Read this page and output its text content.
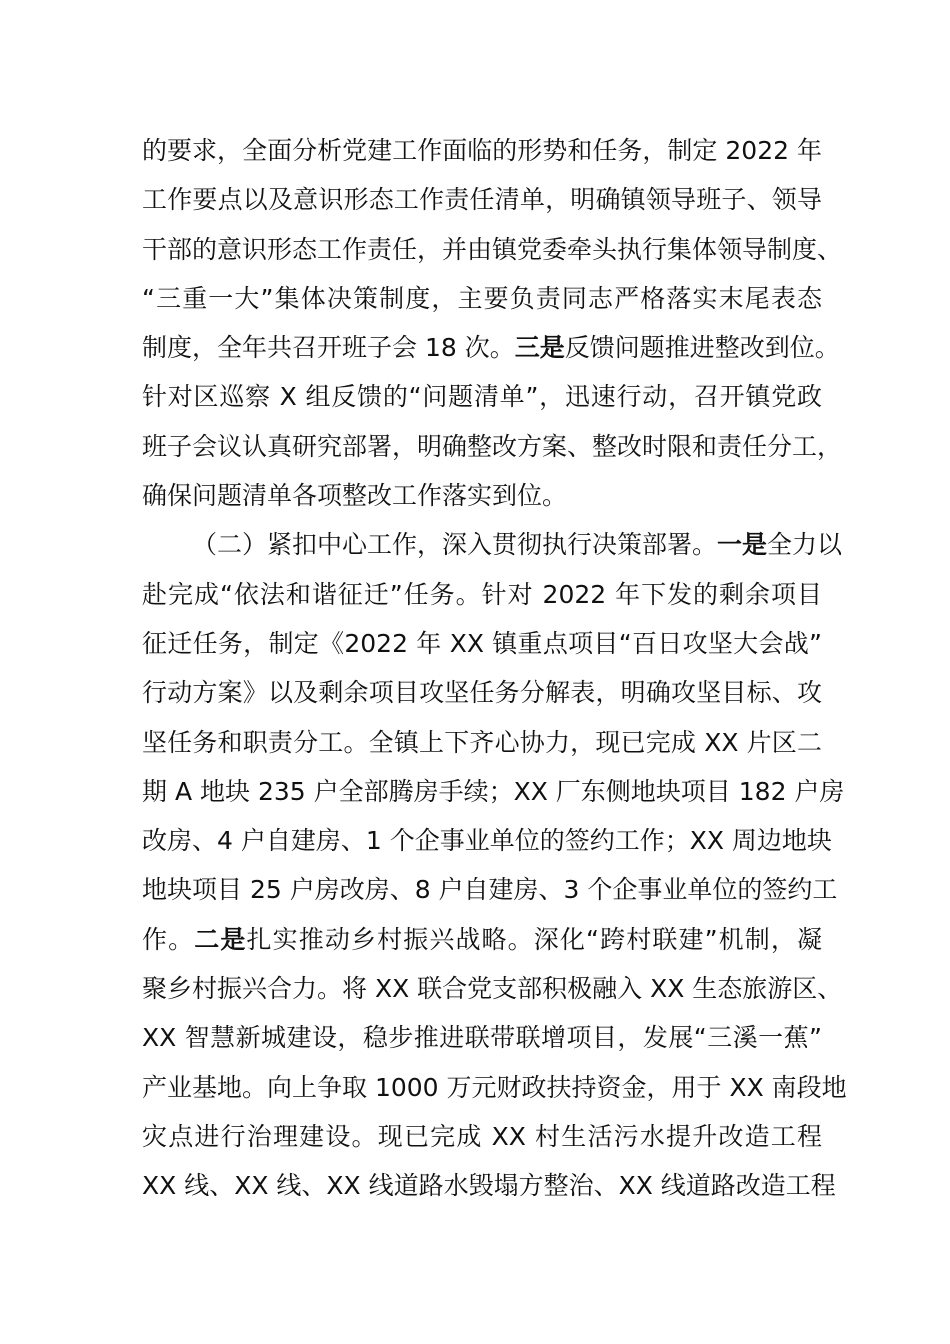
的要求，全面分析党建工作面临的形势和任务，制定 2022 年
工作要点以及意识形态工作责任清单，明确镇领导班子、领导
干部的意识形态工作责任，并由镇党委牵头执行集体领导制度、
“三重一大”集体决策制度，主要负责同志严格落实末尾表态
制度，全年共召开班子会 18 次。三是反馈问题推进整改到位。
针对区巡察 X 组反馈的“问题清单”，迅速行动，召开镇党政
班子会议认真研究部署，明确整改方案、整改时限和责任分工，
确保问题清单各项整改工作落实到位。
（二）紧扣中心工作，深入贯彻执行决策部署。一是全力以
赴完成“依法和谐征迁”任务。针对 2022 年下发的剩余项目
征迁任务，制定《2022 年 XX 镇重点项目“百日攻坚大会战”
行动方案》以及剩余项目攻坚任务分解表，明确攻坚目标、攻
坚任务和职责分工。全镇上下齐心协力，现已完成 XX 片区二
期 A 地块 235 户全部腾房手续；XX 厂东侧地块项目 182 户房
改房、4 户自建房、1 个企事业单位的签约工作；XX 周边地块
地块项目 25 户房改房、8 户自建房、3 个企事业单位的签约工
作。二是扎实推动乡村振兴战略。深化“跨村联建”机制，凝
聚乡村振兴合力。将 XX 联合党支部积极融入 XX 生态旅游区、
XX 智慧新城建设，稳步推进联带联增项目，发展“三溪一蕉”
产业基地。向上争取 1000 万元财政扶持资金，用于 XX 南段地
灾点进行治理建设。现已完成 XX 村生活污水提升改造工程
XX 线、XX 线、XX 线道路水毁塌方整治、XX 线道路改造工程
